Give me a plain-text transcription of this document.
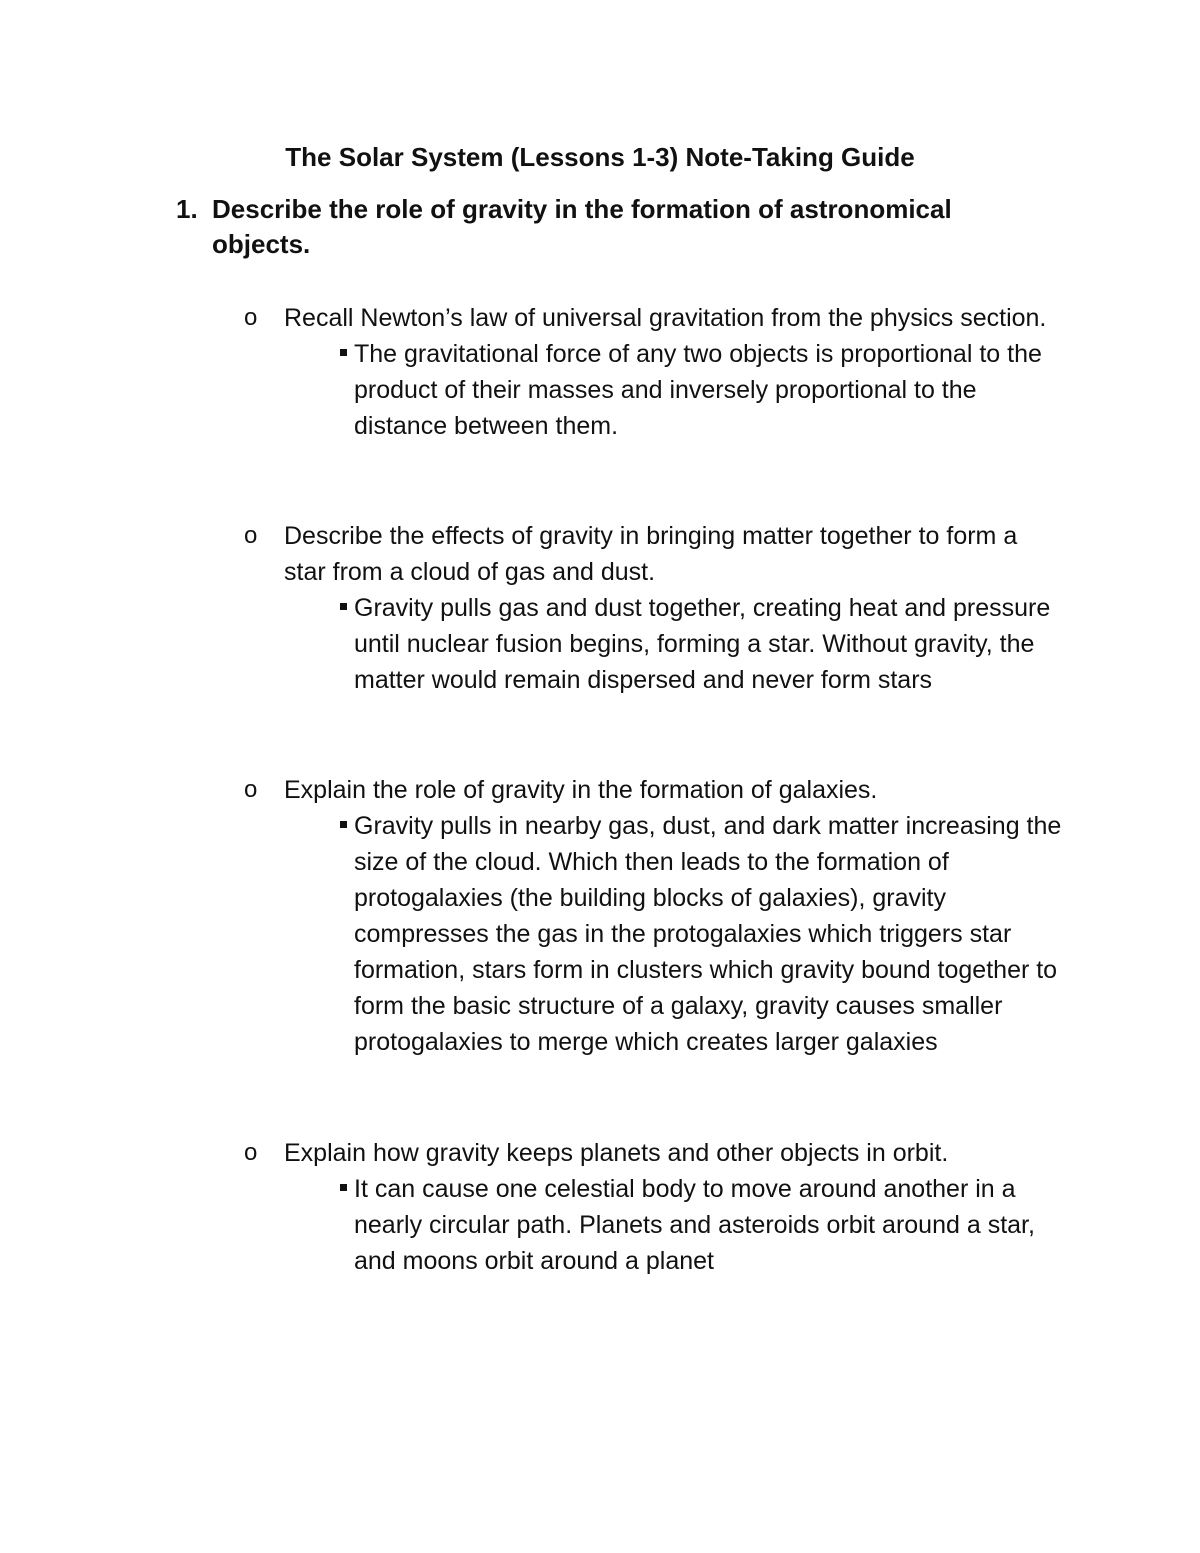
The Solar System (Lessons 1-3) Note-Taking Guide
1. Describe the role of gravity in the formation of astronomical objects.
o Recall Newton’s law of universal gravitation from the physics section.
The gravitational force of any two objects is proportional to the product of their masses and inversely proportional to the distance between them.
o Describe the effects of gravity in bringing matter together to form a star from a cloud of gas and dust.
Gravity pulls gas and dust together, creating heat and pressure until nuclear fusion begins, forming a star. Without gravity, the matter would remain dispersed and never form stars
o Explain the role of gravity in the formation of galaxies.
Gravity pulls in nearby gas, dust, and dark matter increasing the size of the cloud. Which then leads to the formation of protogalaxies (the building blocks of galaxies), gravity compresses the gas in the protogalaxies which triggers star formation, stars form in clusters which gravity bound together to form the basic structure of a galaxy, gravity causes smaller protogalaxies to merge which creates larger galaxies
o Explain how gravity keeps planets and other objects in orbit.
It can cause one celestial body to move around another in a nearly circular path. Planets and asteroids orbit around a star, and moons orbit around a planet
